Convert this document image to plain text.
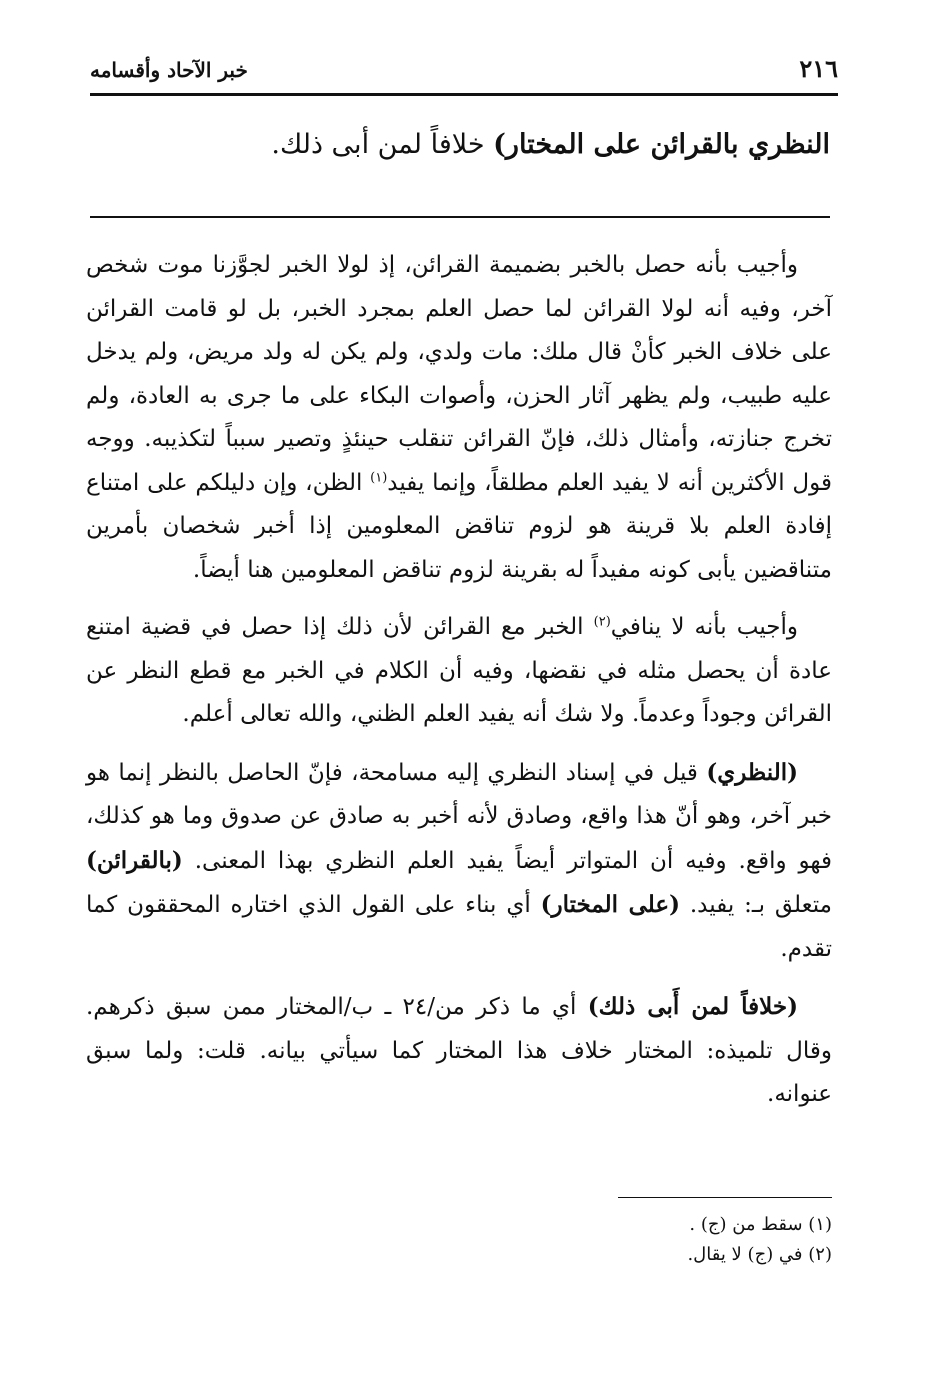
خبر الآحاد وأقسامه	٢١٦
النظري بالقرائن على المختار) خلافاً لمن أبى ذلك.

وأجيب بأنه حصل بالخبر بضميمة القرائن، إذ لولا الخبر لجوَّزنا موت شخص آخر، وفيه أنه لولا القرائن لما حصل العلم بمجرد الخبر، بل لو قامت القرائن على خلاف الخبر كأنْ قال ملك: مات ولدي، ولم يكن له ولد مريض، ولم يدخل عليه طبيب، ولم يظهر آثار الحزن، وأصوات البكاء على ما جرى به العادة، ولم تخرج جنازته، وأمثال ذلك، فإنّ القرائن تنقلب حينئذٍ وتصير سبباً لتكذيبه. ووجه قول الأكثرين أنه لا يفيد العلم مطلقاً، وإنما يفيد$^{(١)}$ الظن، وإن دليلكم على امتناع إفادة العلم بلا قرينة هو لزوم تناقض المعلومين إذا أخبر شخصان بأمرين متناقضين يأبى كونه مفيداً له بقرينة لزوم تناقض المعلومين هنا أيضاً.

وأجيب بأنه لا ينافي$^{(٢)}$ الخبر مع القرائن لأن ذلك إذا حصل في قضية امتنع عادة أن يحصل مثله في نقضها، وفيه أن الكلام في الخبر مع قطع النظر عن القرائن وجوداً وعدماً. ولا شك أنه يفيد العلم الظني، والله تعالى أعلم.

(النظري) قيل في إسناد النظري إليه مسامحة، فإنّ الحاصل بالنظر إنما هو خبر آخر، وهو أنّ هذا واقع، وصادق لأنه أخبر به صادق عن صدوق وما هو كذلك، فهو واقع. وفيه أن المتواتر أيضاً يفيد العلم النظري بهذا المعنى. (بالقرائن) متعلق بـ: يفيد. (على المختار) أي بناء على القول الذي اختاره المحققون كما تقدم.

(خلافاً لمن أَبى ذلك) أي ما ذكر من/٢٤ ـ ب/المختار ممن سبق ذكرهم. وقال تلميذه: المختار خلاف هذا المختار كما سيأتي بيانه. قلت: ولما سبق عنوانه.

(١) سقط من (ج) .
(٢) في (ج) لا يقال.
